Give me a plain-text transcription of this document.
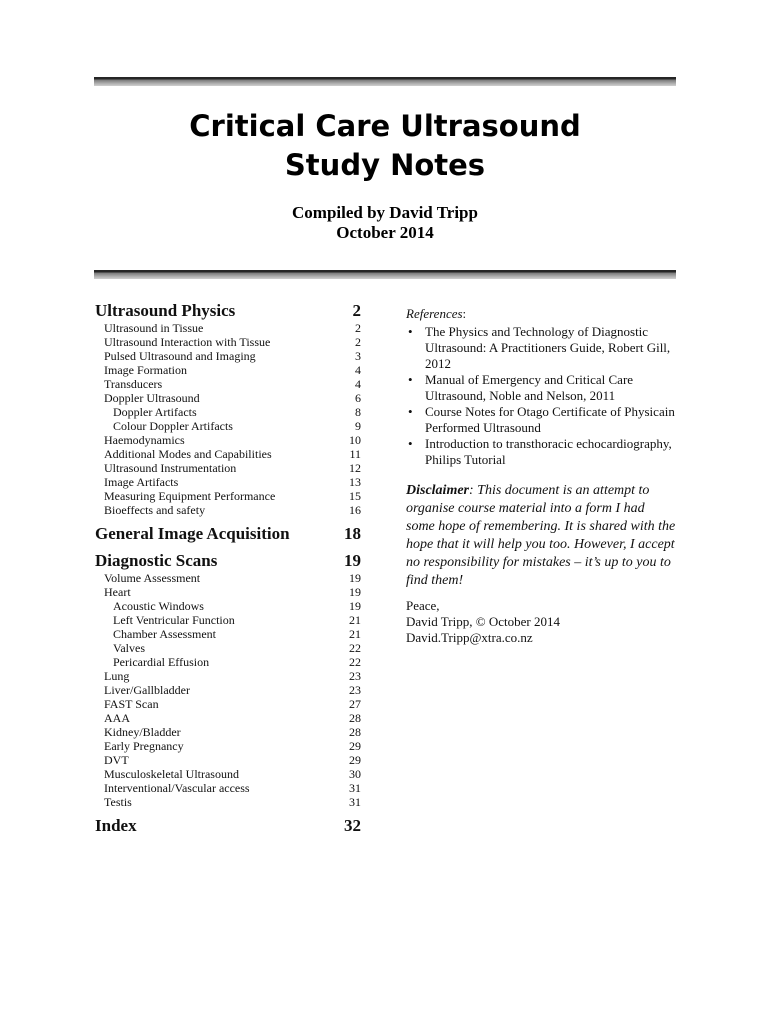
Critical Care Ultrasound
Study Notes
Compiled by David Tripp
October 2014
Ultrasound Physics	2
Ultrasound in Tissue	2
Ultrasound Interaction with Tissue	2
Pulsed Ultrasound and Imaging	3
Image Formation	4
Transducers	4
Doppler Ultrasound	6
Doppler Artifacts	8
Colour Doppler Artifacts	9
Haemodynamics	10
Additional Modes and Capabilities	11
Ultrasound Instrumentation	12
Image Artifacts	13
Measuring Equipment Performance	15
Bioeffects and safety	16
General Image Acquisition	18
Diagnostic Scans	19
Volume Assessment	19
Heart	19
Acoustic Windows	19
Left Ventricular Function	21
Chamber Assessment	21
Valves	22
Pericardial Effusion	22
Lung	23
Liver/Gallbladder	23
FAST Scan	27
AAA	28
Kidney/Bladder	28
Early Pregnancy	29
DVT	29
Musculoskeletal Ultrasound	30
Interventional/Vascular access	31
Testis	31
Index	32
References:
• The Physics and Technology of Diagnostic Ultrasound: A Practitioners Guide, Robert Gill, 2012
• Manual of Emergency and Critical Care Ultrasound, Noble and Nelson, 2011
• Course Notes for Otago Certificate of Physicain Performed Ultrasound
• Introduction to transthoracic echocardiography, Philips Tutorial
Disclaimer: This document is an attempt to organise course material into a form I had some hope of remembering. It is shared with the hope that it will help you too. However, I accept no responsibility for mistakes – it’s up to you to find them!
Peace,
David Tripp, © October 2014
David.Tripp@xtra.co.nz
